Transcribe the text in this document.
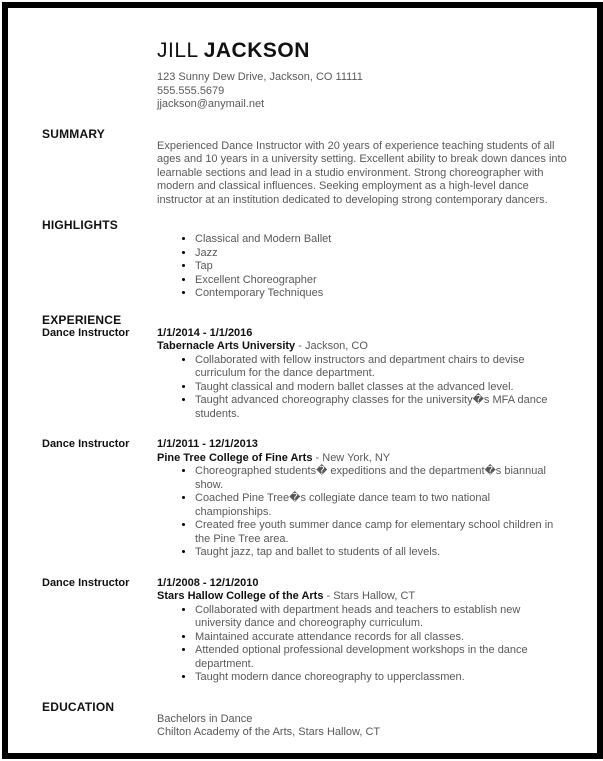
JILL JACKSON
123 Sunny Dew Drive, Jackson, CO 11111
555.555.5679
jjackson@anymail.net
SUMMARY
Experienced Dance Instructor with 20 years of experience teaching students of all ages and 10 years in a university setting. Excellent ability to break down dances into learnable sections and lead in a studio environment. Strong choreographer with modern and classical influences. Seeking employment as a high-level dance instructor at an institution dedicated to developing strong contemporary dancers.
HIGHLIGHTS
• Classical and Modern Ballet
• Jazz
• Tap
• Excellent Choreographer
• Contemporary Techniques
EXPERIENCE
Dance Instructor	1/1/2014 - 1/1/2016
Tabernacle Arts University - Jackson, CO
• Collaborated with fellow instructors and department chairs to devise curriculum for the dance department.
• Taught classical and modern ballet classes at the advanced level.
• Taught advanced choreography classes for the university�s MFA dance students.
Dance Instructor	1/1/2011 - 12/1/2013
Pine Tree College of Fine Arts - New York, NY
• Choreographed students� expeditions and the department�s biannual show.
• Coached Pine Tree�s collegiate dance team to two national championships.
• Created free youth summer dance camp for elementary school children in the Pine Tree area.
• Taught jazz, tap and ballet to students of all levels.
Dance Instructor	1/1/2008 - 12/1/2010
Stars Hallow College of the Arts - Stars Hallow, CT
• Collaborated with department heads and teachers to establish new university dance and choreography curriculum.
• Maintained accurate attendance records for all classes.
• Attended optional professional development workshops in the dance department.
• Taught modern dance choreography to upperclassmen.
EDUCATION
Bachelors in Dance
Chilton Academy of the Arts, Stars Hallow, CT
